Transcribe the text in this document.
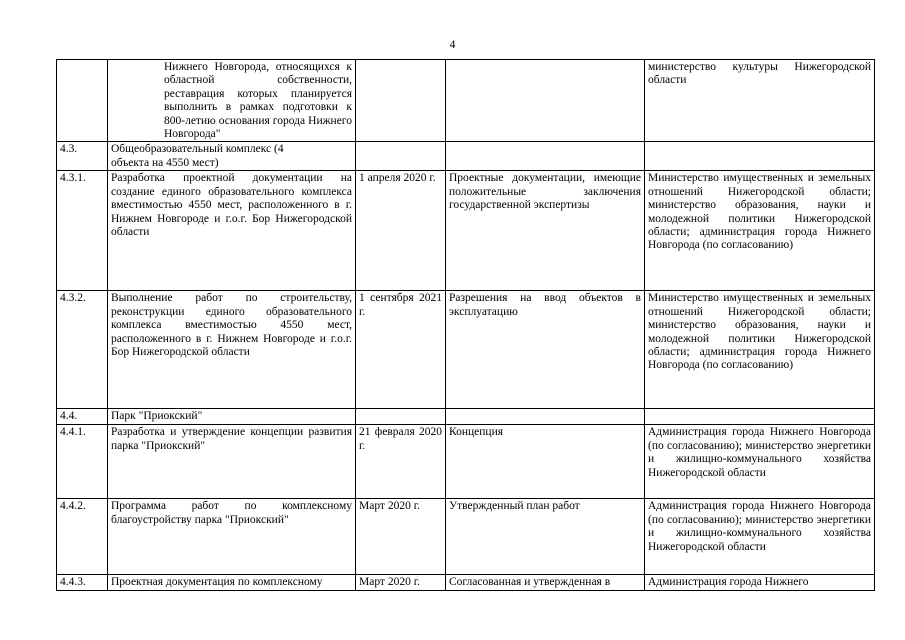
4
	Нижнего Новгорода, относящихся к областной собственности, реставрация которых планируется выполнить в рамках подготовки к 800-летию основания города Нижнего Новгорода"			министерство культуры Нижегородской области
4.3.	Общеобразовательный комплекс (4 объекта на 4550 мест)			
4.3.1.	Разработка проектной документации на создание единого образовательного комплекса вместимостью 4550 мест, расположенного в г. Нижнем Новгороде и г.о.г. Бор Нижегородской области	1 апреля 2020 г.	Проектные документации, имеющие положительные заключения государственной экспертизы	Министерство имущественных и земельных отношений Нижегородской области; министерство образования, науки и молодежной политики Нижегородской области; администрация города Нижнего Новгорода (по согласованию)
4.3.2.	Выполнение работ по строительству, реконструкции единого образовательного комплекса вместимостью 4550 мест, расположенного в г. Нижнем Новгороде и г.о.г. Бор Нижегородской области	1 сентября 2021 г.	Разрешения на ввод объектов в эксплуатацию	Министерство имущественных и земельных отношений Нижегородской области; министерство образования, науки и молодежной политики Нижегородской области; администрация города Нижнего Новгорода (по согласованию)
4.4.	Парк "Приокский"			
4.4.1.	Разработка и утверждение концепции развития парка "Приокский"	21 февраля 2020 г.	Концепция	Администрация города Нижнего Новгорода (по согласованию); министерство энергетики и жилищно-коммунального хозяйства Нижегородской области
4.4.2.	Программа работ по комплексному благоустройству парка "Приокский"	Март 2020 г.	Утвержденный план работ	Администрация города Нижнего Новгорода (по согласованию); министерство энергетики и жилищно-коммунального хозяйства Нижегородской области
4.4.3.	Проектная документация по комплексному	Март 2020 г.	Согласованная и утвержденная в	Администрация города Нижнего
